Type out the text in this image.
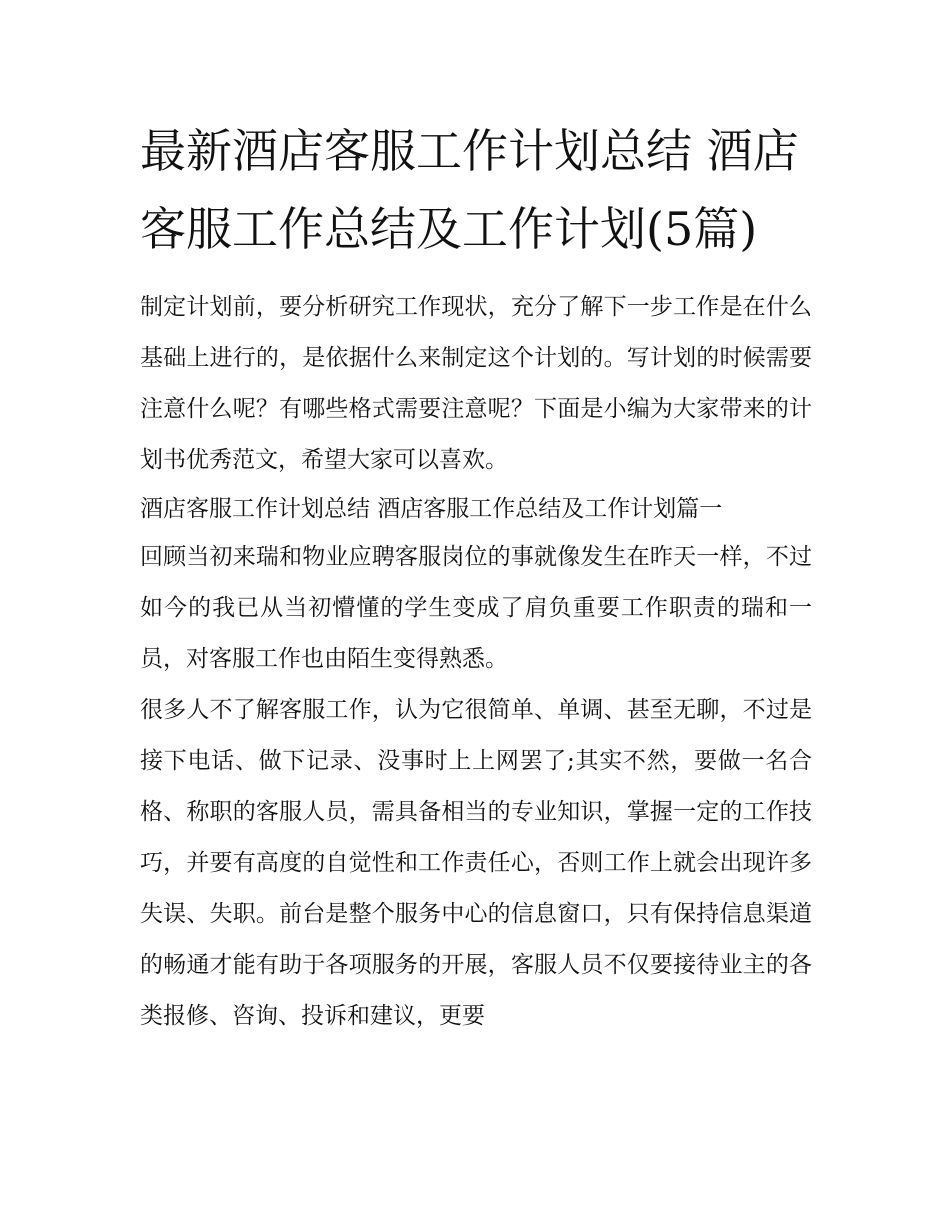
最新酒店客服工作计划总结 酒店客服工作总结及工作计划(5篇)

制定计划前，要分析研究工作现状，充分了解下一步工作是在什么基础上进行的，是依据什么来制定这个计划的。写计划的时候需要注意什么呢？有哪些格式需要注意呢？下面是小编为大家带来的计划书优秀范文，希望大家可以喜欢。

酒店客服工作计划总结 酒店客服工作总结及工作计划篇一

回顾当初来瑞和物业应聘客服岗位的事就像发生在昨天一样，不过如今的我已从当初懵懂的学生变成了肩负重要工作职责的瑞和一员，对客服工作也由陌生变得熟悉。

很多人不了解客服工作，认为它很简单、单调、甚至无聊，不过是接下电话、做下记录、没事时上上网罢了;其实不然，要做一名合格、称职的客服人员，需具备相当的专业知识，掌握一定的工作技巧，并要有高度的自觉性和工作责任心，否则工作上就会出现许多失误、失职。前台是整个服务中心的信息窗口，只有保持信息渠道的畅通才能有助于各项服务的开展，客服人员不仅要接待业主的各类报修、咨询、投诉和建议，更要
